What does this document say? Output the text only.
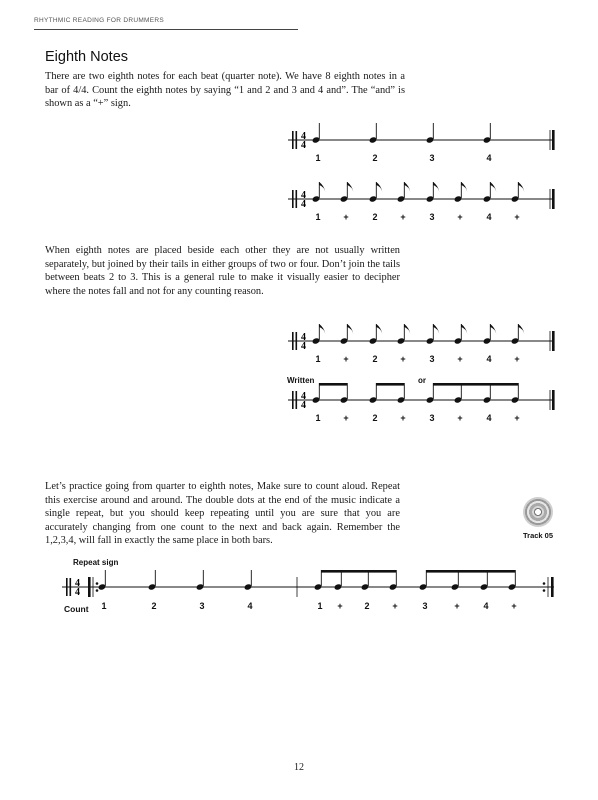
RHYTHMIC READING FOR DRUMMERS
Eighth Notes

There are two eighth notes for each beat (quarter note). We have 8 eighth notes in a bar of 4/4. Count the eighth notes by saying “1 and 2 and 3 and 4 and”. The “and” is shown as a “+” sign.

When eighth notes are placed beside each other they are not usually written separately, but joined by their tails in either groups of two or four. Don’t join the tails between beats 2 to 3. This is a general rule to make it visually easier to decipher where the notes fall and not for any counting reason.

Let’s practice going from quarter to eighth notes, Make sure to count aloud. Repeat this exercise around and around. The double dots at the end of the music indicate a single repeat, but you should keep repeating until you are sure that you are accurately changing from one count to the next and back again. Remember the 1,2,3,4, will fall in exactly the same place in both bars.

4
4
1	2	3	4
4
4
1	+	2	+	3	+	4	+
4
4
1	+	2	+	3	+	4	+
Written	or
4
4
1	+	2	+	3	+	4	+
4
4
1	2	3	4	1 + 2	+	3	+	4	+
Repeat sign
Count
Track 05
12
